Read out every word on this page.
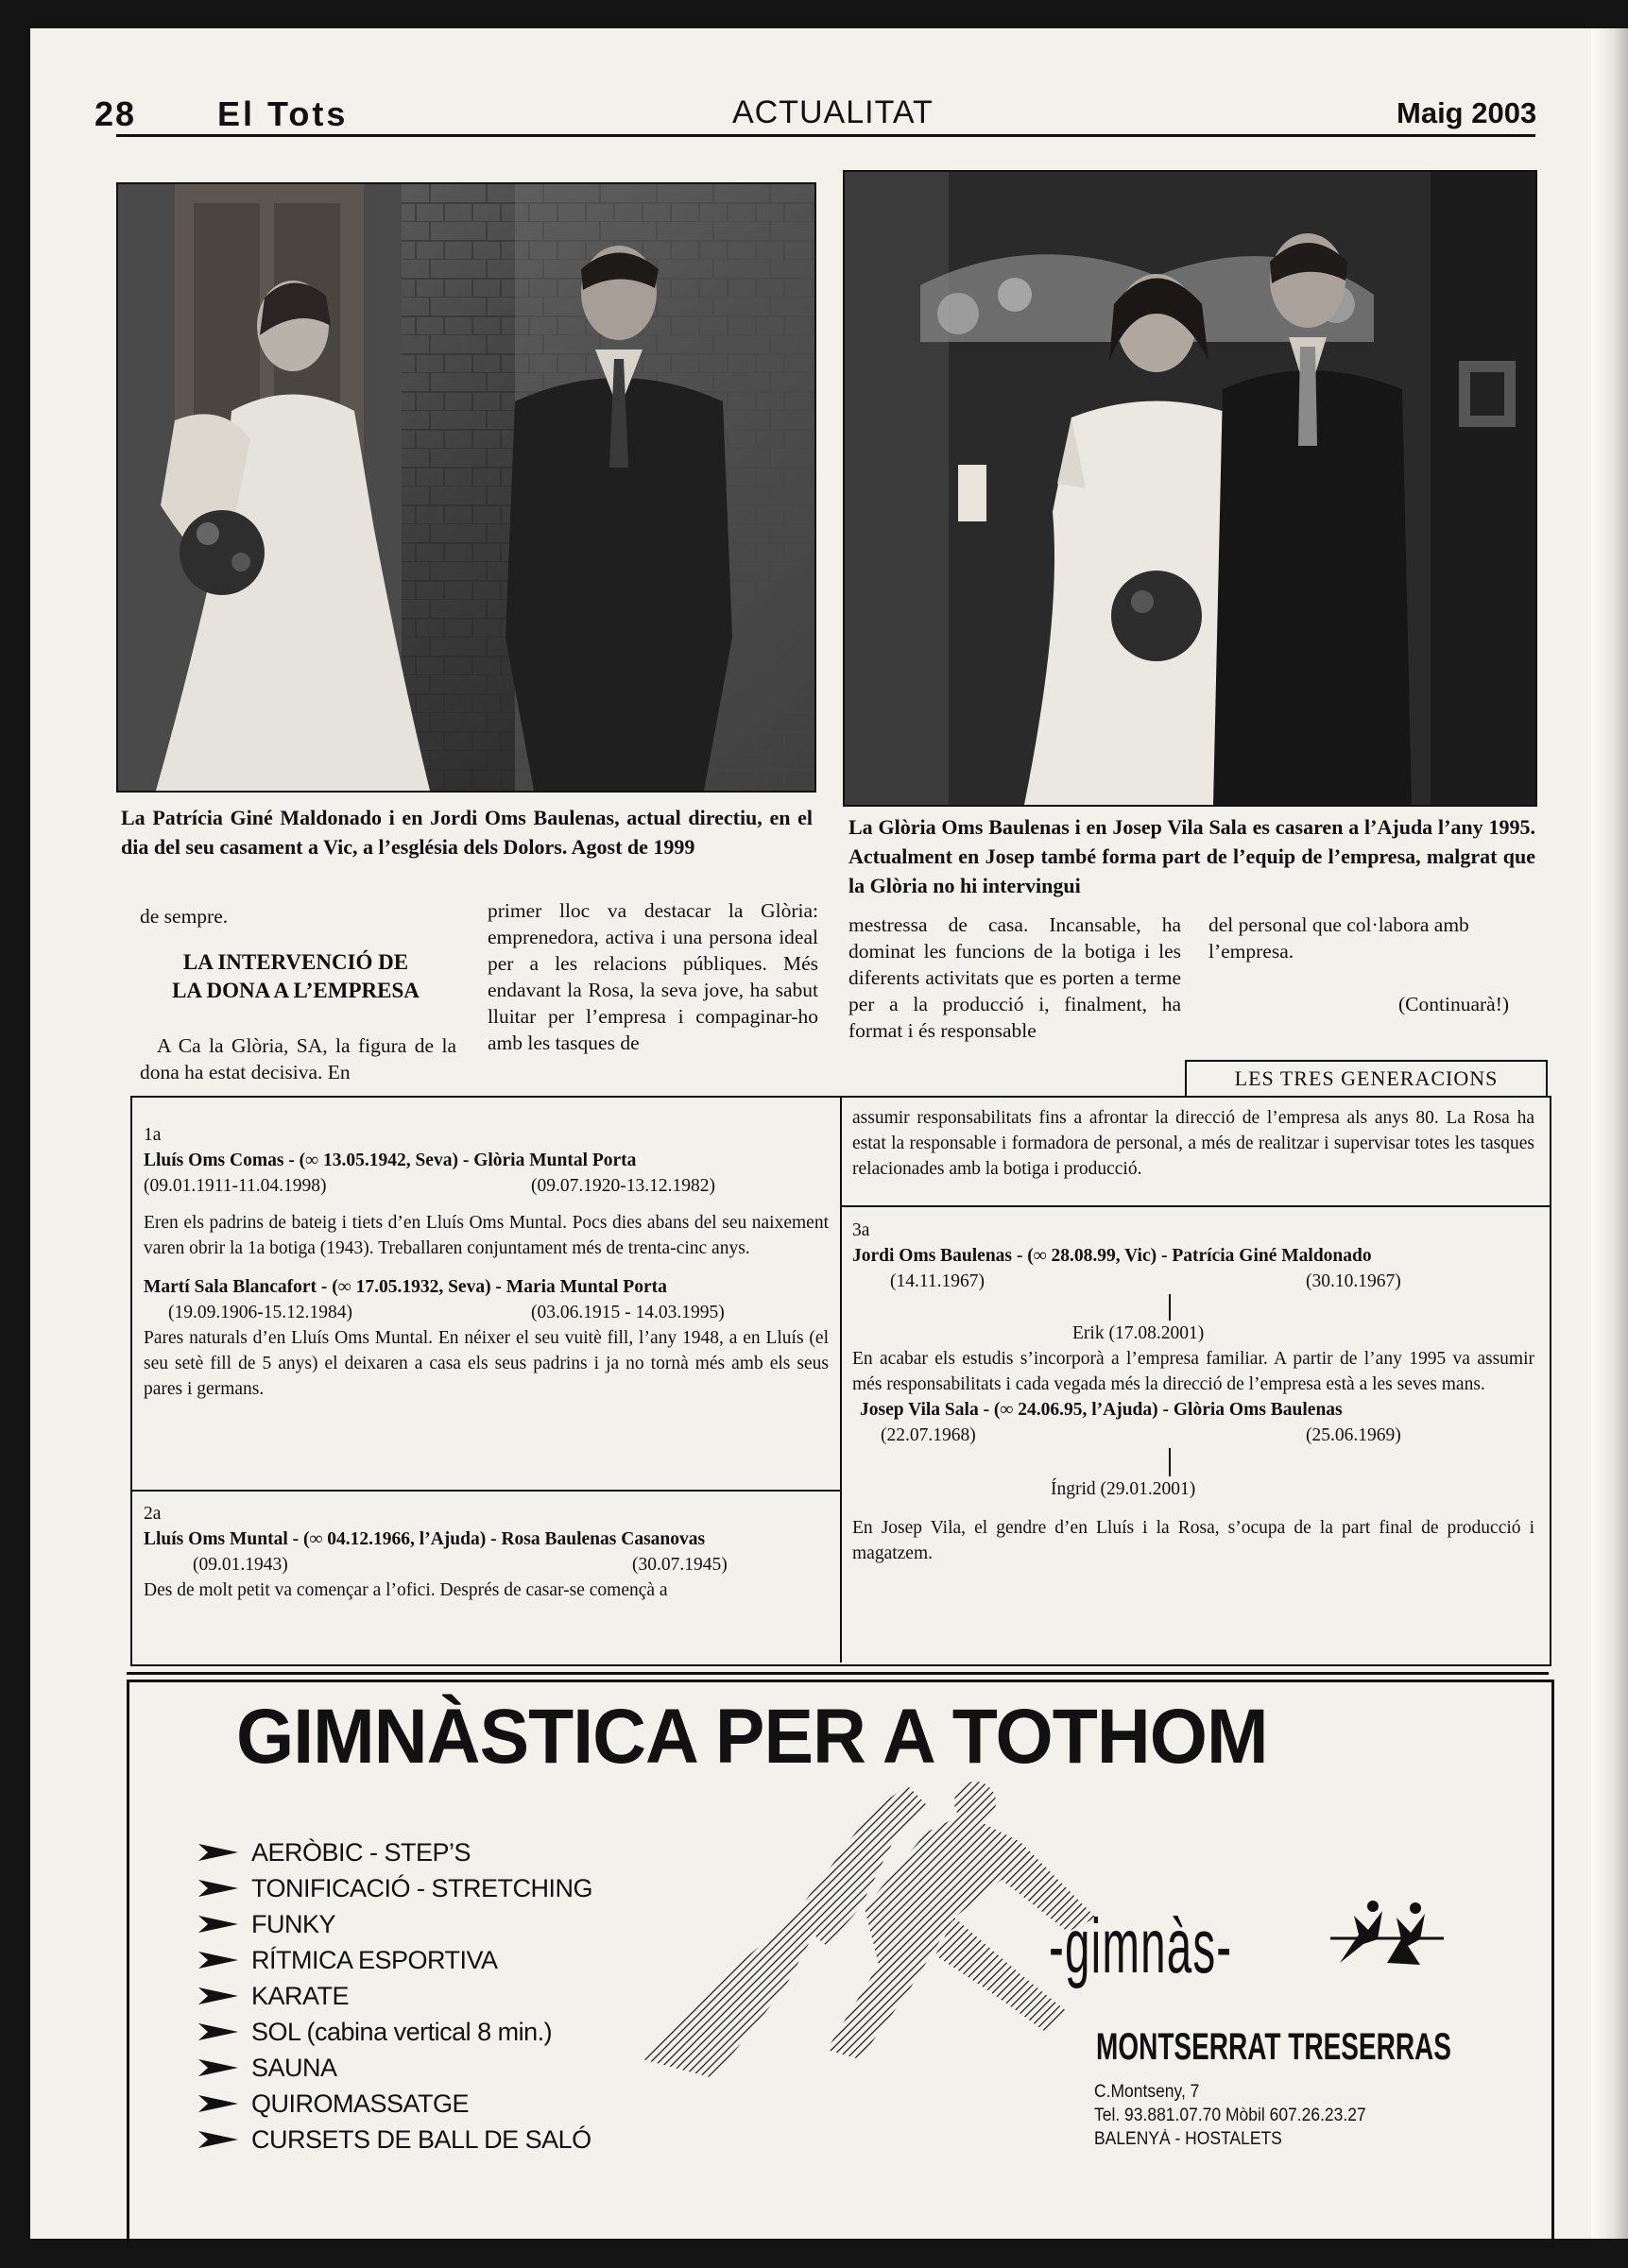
28 El Tots	ACTUALITAT	Maig 2003
La Patrícia Giné Maldonado i en Jordi Oms Baulenas, actual directiu, en el dia del seu casament a Vic, a l’església dels Dolors. Agost de 1999
La Glòria Oms Baulenas i en Josep Vila Sala es casaren a l’Ajuda l’any 1995. Actualment en Josep també forma part de l’equip de l’empresa, malgrat que la Glòria no hi intervingui
de sempre.
LA INTERVENCIÓ DE
LA DONA A L’EMPRESA
A Ca la Glòria, SA, la figura de la dona ha estat decisiva. En
primer lloc va destacar la Glòria: emprenedora, activa i una persona ideal per a les relacions públiques. Més endavant la Rosa, la seva jove, ha sabut lluitar per l’empresa i compaginar-ho amb les tasques de
mestressa de casa. Incansable, ha dominat les funcions de la botiga i les diferents activitats que es porten a terme per a la producció i, finalment, ha format i és responsable
del personal que col·labora amb l’empresa.
(Continuarà!)
LES TRES GENERACIONS

1a

Lluís Oms Comas - (∞ 13.05.1942, Seva) - Glòria Muntal Porta

(09.01.1911-11.04.1998)	(09.07.1920-13.12.1982)

Eren els padrins de bateig i tiets d’en Lluís Oms Muntal. Pocs dies abans del seu naixement varen obrir la 1a botiga (1943). Treballaren conjuntament més de trenta-cinc anys.

Martí Sala Blancafort - (∞ 17.05.1932, Seva) - Maria Muntal Porta

(19.09.1906-15.12.1984)	(03.06.1915 - 14.03.1995)

Pares naturals d’en Lluís Oms Muntal. En néixer el seu vuitè fill, l’any 1948, a en Lluís (el seu setè fill de 5 anys) el deixaren a casa els seus padrins i ja no tornà més amb els seus pares i germans.

2a

Lluís Oms Muntal - (∞ 04.12.1966, l’Ajuda) - Rosa Baulenas Casanovas

(09.01.1943)	(30.07.1945)

Des de molt petit va començar a l’ofici. Després de casar-se començà a

assumir responsabilitats fins a afrontar la direcció de l’empresa als anys 80. La Rosa ha estat la responsable i formadora de personal, a més de realitzar i supervisar totes les tasques relacionades amb la botiga i producció.

3a

Jordi Oms Baulenas - (∞ 28.08.99, Vic) - Patrícia Giné Maldonado

(14.11.1967)	(30.10.1967)

Erik (17.08.2001)

En acabar els estudis s’incorporà a l’empresa familiar. A partir de l’any 1995 va assumir més responsabilitats i cada vegada més la direcció de l’empresa està a les seves mans.

Josep Vila Sala - (∞ 24.06.95, l’Ajuda) - Glòria Oms Baulenas

(22.07.1968)	(25.06.1969)

Íngrid (29.01.2001)

En Josep Vila, el gendre d’en Lluís i la Rosa, s’ocupa de la part final de producció i magatzem.

GIMNÀSTICA PER A TOTHOM
AERÒBIC - STEP’S
TONIFICACIÓ - STRETCHING
FUNKY
RÍTMICA ESPORTIVA
KARATE
SOL (cabina vertical 8 min.)
SAUNA
QUIROMASSATGE
CURSETS DE BALL DE SALÓ
-gimnàs-
MONTSERRAT TRESERRAS
C.Montseny, 7
Tel. 93.881.07.70 Mòbil 607.26.23.27
BALENYÀ - HOSTALETS
